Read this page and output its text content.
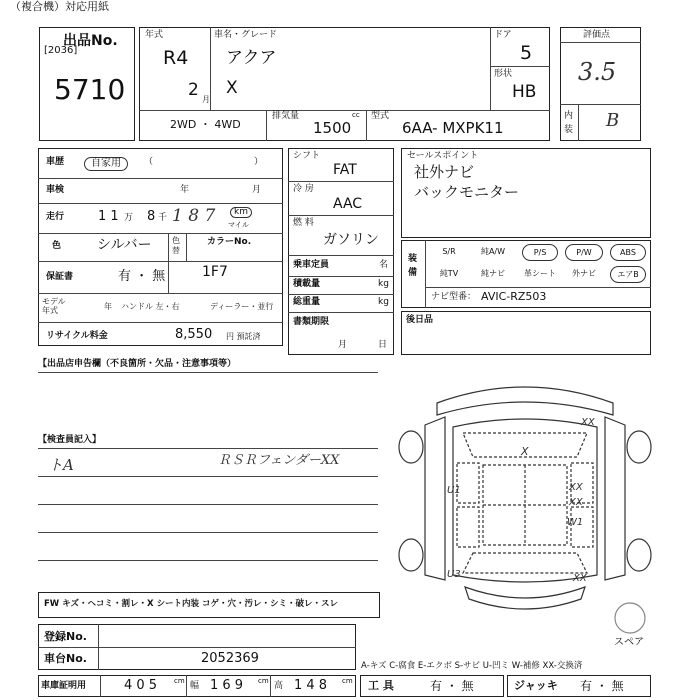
（複合機）対応用紙
出品No.
[2036]
5710
年式
R4
2 月
車名・グレード
アクア
X
ドア
5
形状
HB
2WD ・ 4WD
排気量	cc
1500
型式
6AA- MXPK11
評価点
3.5
内装 B
車歴	自家用	（	）
車検	年	月
走行	1 1 万 8 千 1 8 7	km
マイル
色	シルバー	色替
カラーNo.
1F7
保証書	有 ・ 無
モデル年式	年 ハンドル 左・右	ディーラー・並行
リサイクル料金	8,550 円 預託済
シフト
FAT
冷 房
AAC
燃 料
ガソリン
乗車定員	名
積載量	kg
総重量	kg
書類期限
月	日
セールスポイント
社外ナビ
バックモニター
装備
S/R	純A/W	P/S	P/W	ABS
純TV	純ナビ	革シート	外ナビ	エアB
ナビ型番： AVIC-RZ503
後日品
【出品店申告欄（不良箇所・欠品・注意事項等）
【検査員記入】
トA	ＲＳＲフェンダーXX
FW キズ・ヘコミ・割レ・X シート内装 コゲ・穴・汚レ・シミ・破レ・スレ
登録No.
車台No.	2052369
車庫証明用	4 0 5 cm 幅 1 6 9 cm 高 1 4 8 cm 工 具	有 ・ 無	ジャッキ 有 ・ 無
A-キズ C-腐食 E-エクボ S-サビ U-凹ミ W-補修 XX-交換済
X
XX
U1	XX
XX
W1
U3	XX
スペア
